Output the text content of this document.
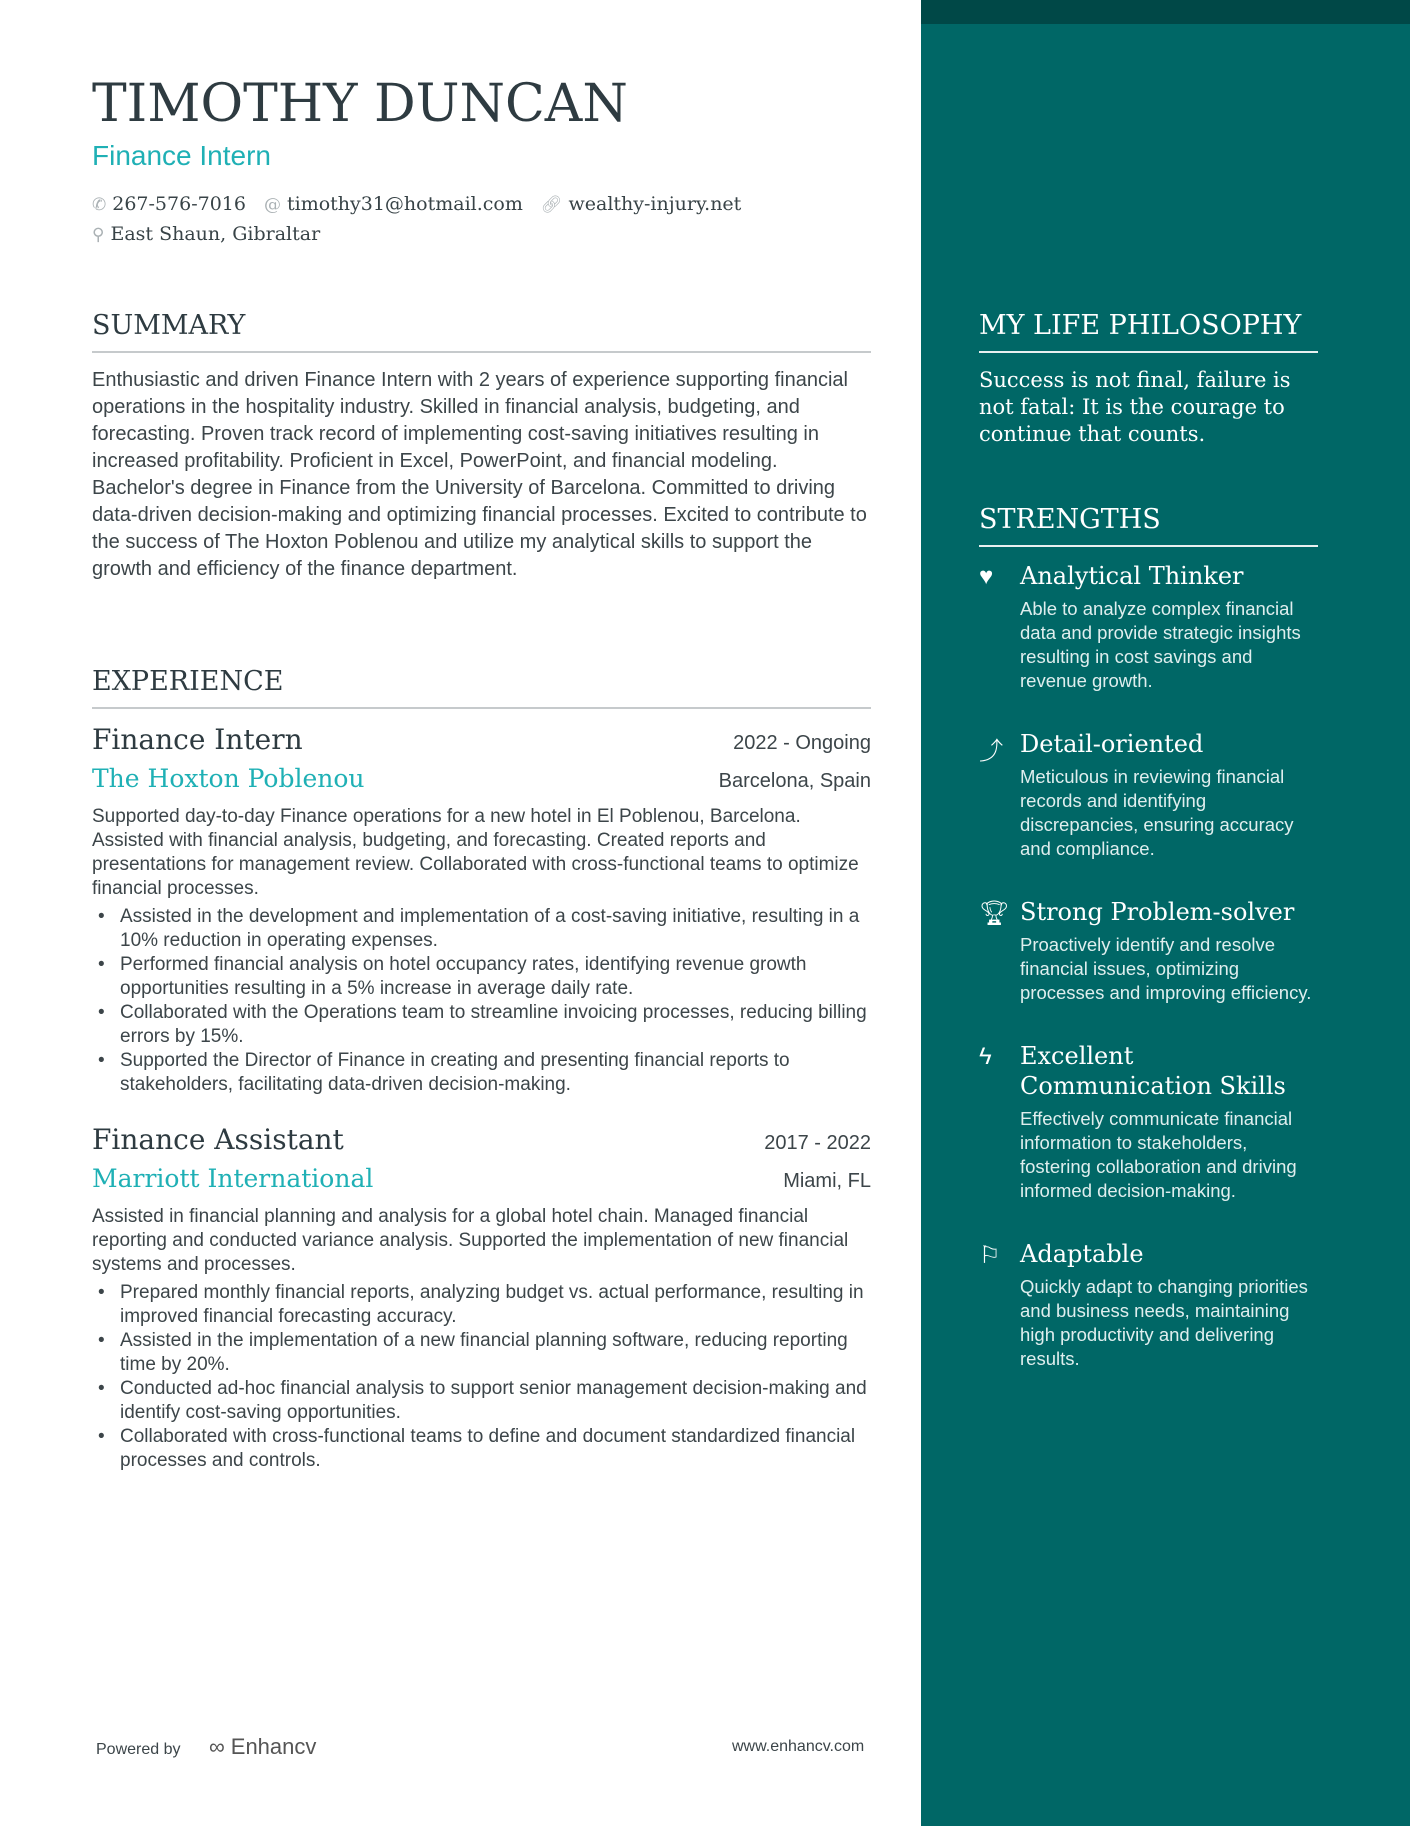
TIMOTHY DUNCAN
Finance Intern
✆ 267-576-7016 @ timothy31@hotmail.com 🔗︎ wealthy-injury.net
⚲ East Shaun, Gibraltar
SUMMARY

Enthusiastic and driven Finance Intern with 2 years of experience supporting financial operations in the hospitality industry. Skilled in financial analysis, budgeting, and forecasting. Proven track record of implementing cost-saving initiatives resulting in increased profitability. Proficient in Excel, PowerPoint, and financial modeling. Bachelor's degree in Finance from the University of Barcelona. Committed to driving data-driven decision-making and optimizing financial processes. Excited to contribute to the success of The Hoxton Poblenou and utilize my analytical skills to support the growth and efficiency of the finance department.

EXPERIENCE
Finance Intern	2022 - Ongoing
The Hoxton Poblenou	Barcelona, Spain

Supported day-to-day Finance operations for a new hotel in El Poblenou, Barcelona. Assisted with financial analysis, budgeting, and forecasting. Created reports and presentations for management review. Collaborated with cross-functional teams to optimize financial processes.

• Assisted in the development and implementation of a cost-saving initiative, resulting in a 10% reduction in operating expenses.
• Performed financial analysis on hotel occupancy rates, identifying revenue growth opportunities resulting in a 5% increase in average daily rate.
• Collaborated with the Operations team to streamline invoicing processes, reducing billing errors by 15%.
• Supported the Director of Finance in creating and presenting financial reports to stakeholders, facilitating data-driven decision-making.
Finance Assistant	2017 - 2022
Marriott International	Miami, FL

Assisted in financial planning and analysis for a global hotel chain. Managed financial reporting and conducted variance analysis. Supported the implementation of new financial systems and processes.

• Prepared monthly financial reports, analyzing budget vs. actual performance, resulting in improved financial forecasting accuracy.
• Assisted in the implementation of a new financial planning software, reducing reporting time by 20%.
• Conducted ad-hoc financial analysis to support senior management decision-making and identify cost-saving opportunities.
• Collaborated with cross-functional teams to define and document standardized financial processes and controls.
MY LIFE PHILOSOPHY

Success is not final, failure is not fatal: It is the courage to continue that counts.

STRENGTHS
♥	Analytical Thinker

Able to analyze complex financial data and provide strategic insights resulting in cost savings and revenue growth.

⤴ Detail-oriented

Meticulous in reviewing financial records and identifying discrepancies, ensuring accuracy and compliance.

🏆︎ Strong Problem-solver

Proactively identify and resolve financial issues, optimizing processes and improving efficiency.

ϟ	Excellent Communication Skills

Effectively communicate financial information to stakeholders, fostering collaboration and driving informed decision-making.

⚐ Adaptable

Quickly adapt to changing priorities and business needs, maintaining high productivity and delivering results.

Powered by ∞ Enhancv	www.enhancv.com
